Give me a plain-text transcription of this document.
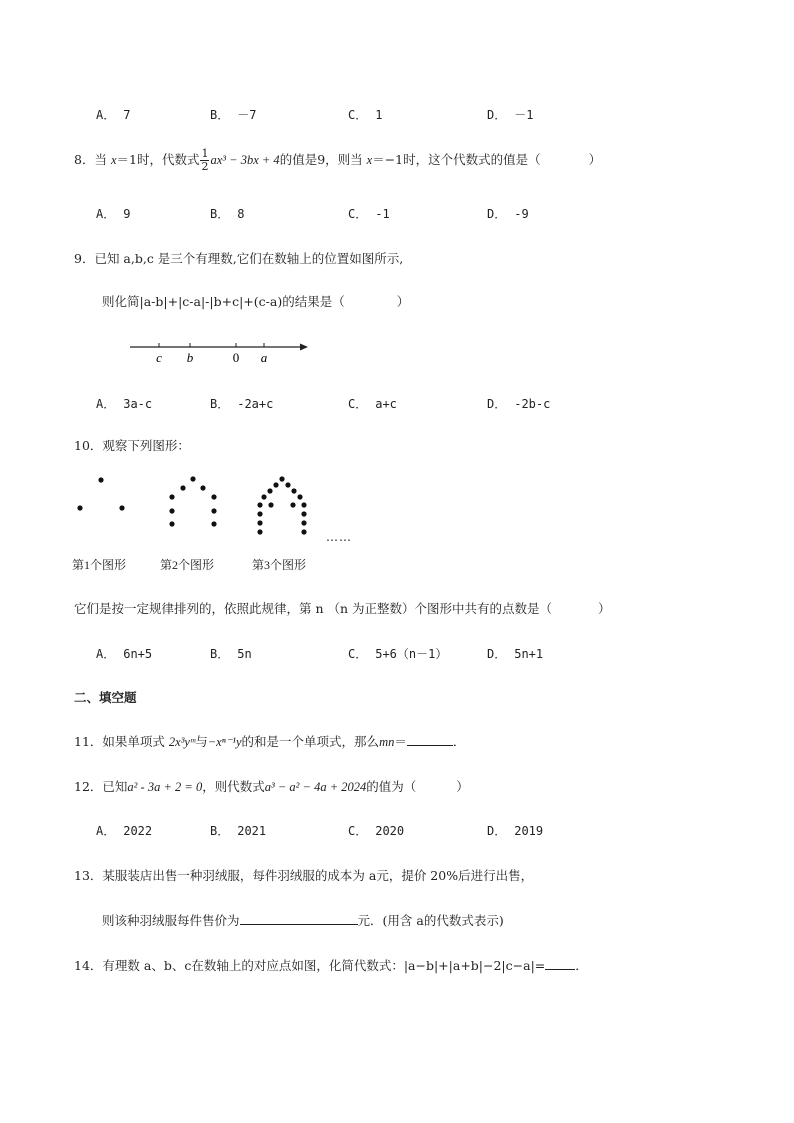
A． 7	B． －7	C． 1	D． －1
8．当 x＝1时，代数式 $\frac{1}{2} ax^3 - 3bx + 4$的值是9，则当 x＝−1时，这个代数式的值是（	）
A． 9	B． 8	C． -1	D． -9
9．已知 a,b,c 是三个有理数,它们在数轴上的位置如图所示,
则化简|a-b|+|c-a|-|b+c|+(c-a)的结果是（	）
c b	0 a
A． 3a-c	B． -2a+c	C． a+c	D． -2b-c
10．观察下列图形：
……
第1个图形	第2个图形	第3个图形
它们是按一定规律排列的，依照此规律，第 n （n 为正整数）个图形中共有的点数是（	）
A． 6n+5	B． 5n	C． 5+6（n－1）	D． 5n+1
二、填空题
11．如果单项式 2x³yᵐ与−xⁿ⁻¹y的和是一个单项式，那么mn＝	．
12．已知a² - 3a + 2 = 0，则代数式a³ − a² − 4a + 2024的值为（	）
A． 2022	B． 2021	C． 2020	D． 2019
13．某服装店出售一种羽绒服，每件羽绒服的成本为 a元，提价 20%后进行出售，
则该种羽绒服每件售价为	元．(用含 a的代数式表示)
14．有理数 a、b、c在数轴上的对应点如图，化简代数式：|a−b|+|a+b|−2|c−a|= ．
